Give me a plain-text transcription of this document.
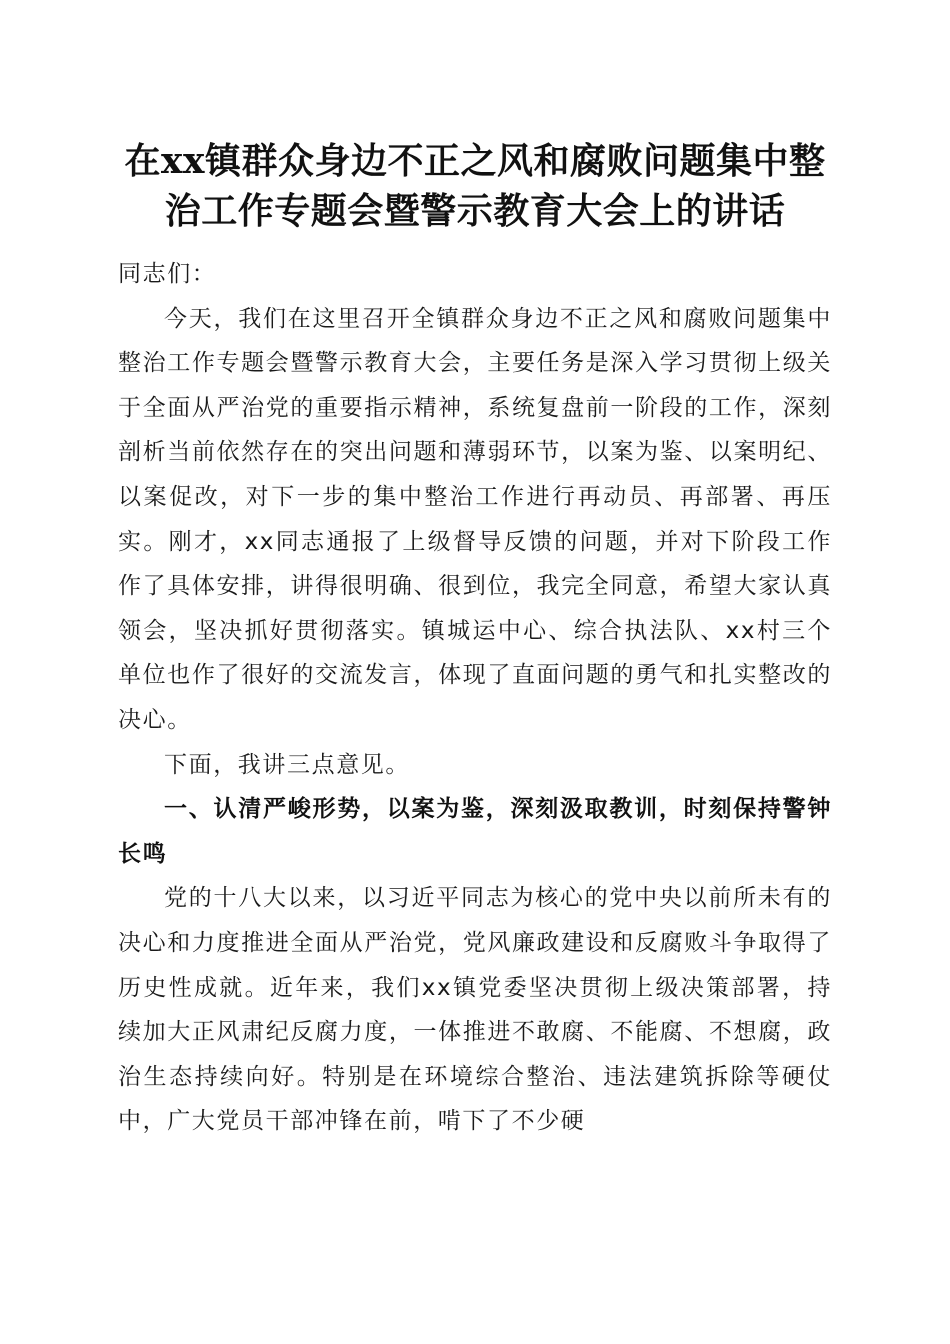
在xx镇群众身边不正之风和腐败问题集中整
治工作专题会暨警示教育大会上的讲话

同志们：

今天，我们在这里召开全镇群众身边不正之风和腐败问题集中整治工作专题会暨警示教育大会，主要任务是深入学习贯彻上级关于全面从严治党的重要指示精神，系统复盘前一阶段的工作，深刻剖析当前依然存在的突出问题和薄弱环节，以案为鉴、以案明纪、以案促改，对下一步的集中整治工作进行再动员、再部署、再压实。刚才，xx同志通报了上级督导反馈的问题，并对下阶段工作作了具体安排，讲得很明确、很到位，我完全同意，希望大家认真领会，坚决抓好贯彻落实。镇城运中心、综合执法队、xx村三个单位也作了很好的交流发言，体现了直面问题的勇气和扎实整改的决心。

下面，我讲三点意见。

一、认清严峻形势，以案为鉴，深刻汲取教训，时刻保持警钟长鸣

党的十八大以来，以习近平同志为核心的党中央以前所未有的决心和力度推进全面从严治党，党风廉政建设和反腐败斗争取得了历史性成就。近年来，我们xx镇党委坚决贯彻上级决策部署，持续加大正风肃纪反腐力度，一体推进不敢腐、不能腐、不想腐，政治生态持续向好。特别是在环境综合整治、违法建筑拆除等硬仗中，广大党员干部冲锋在前，啃下了不少硬
